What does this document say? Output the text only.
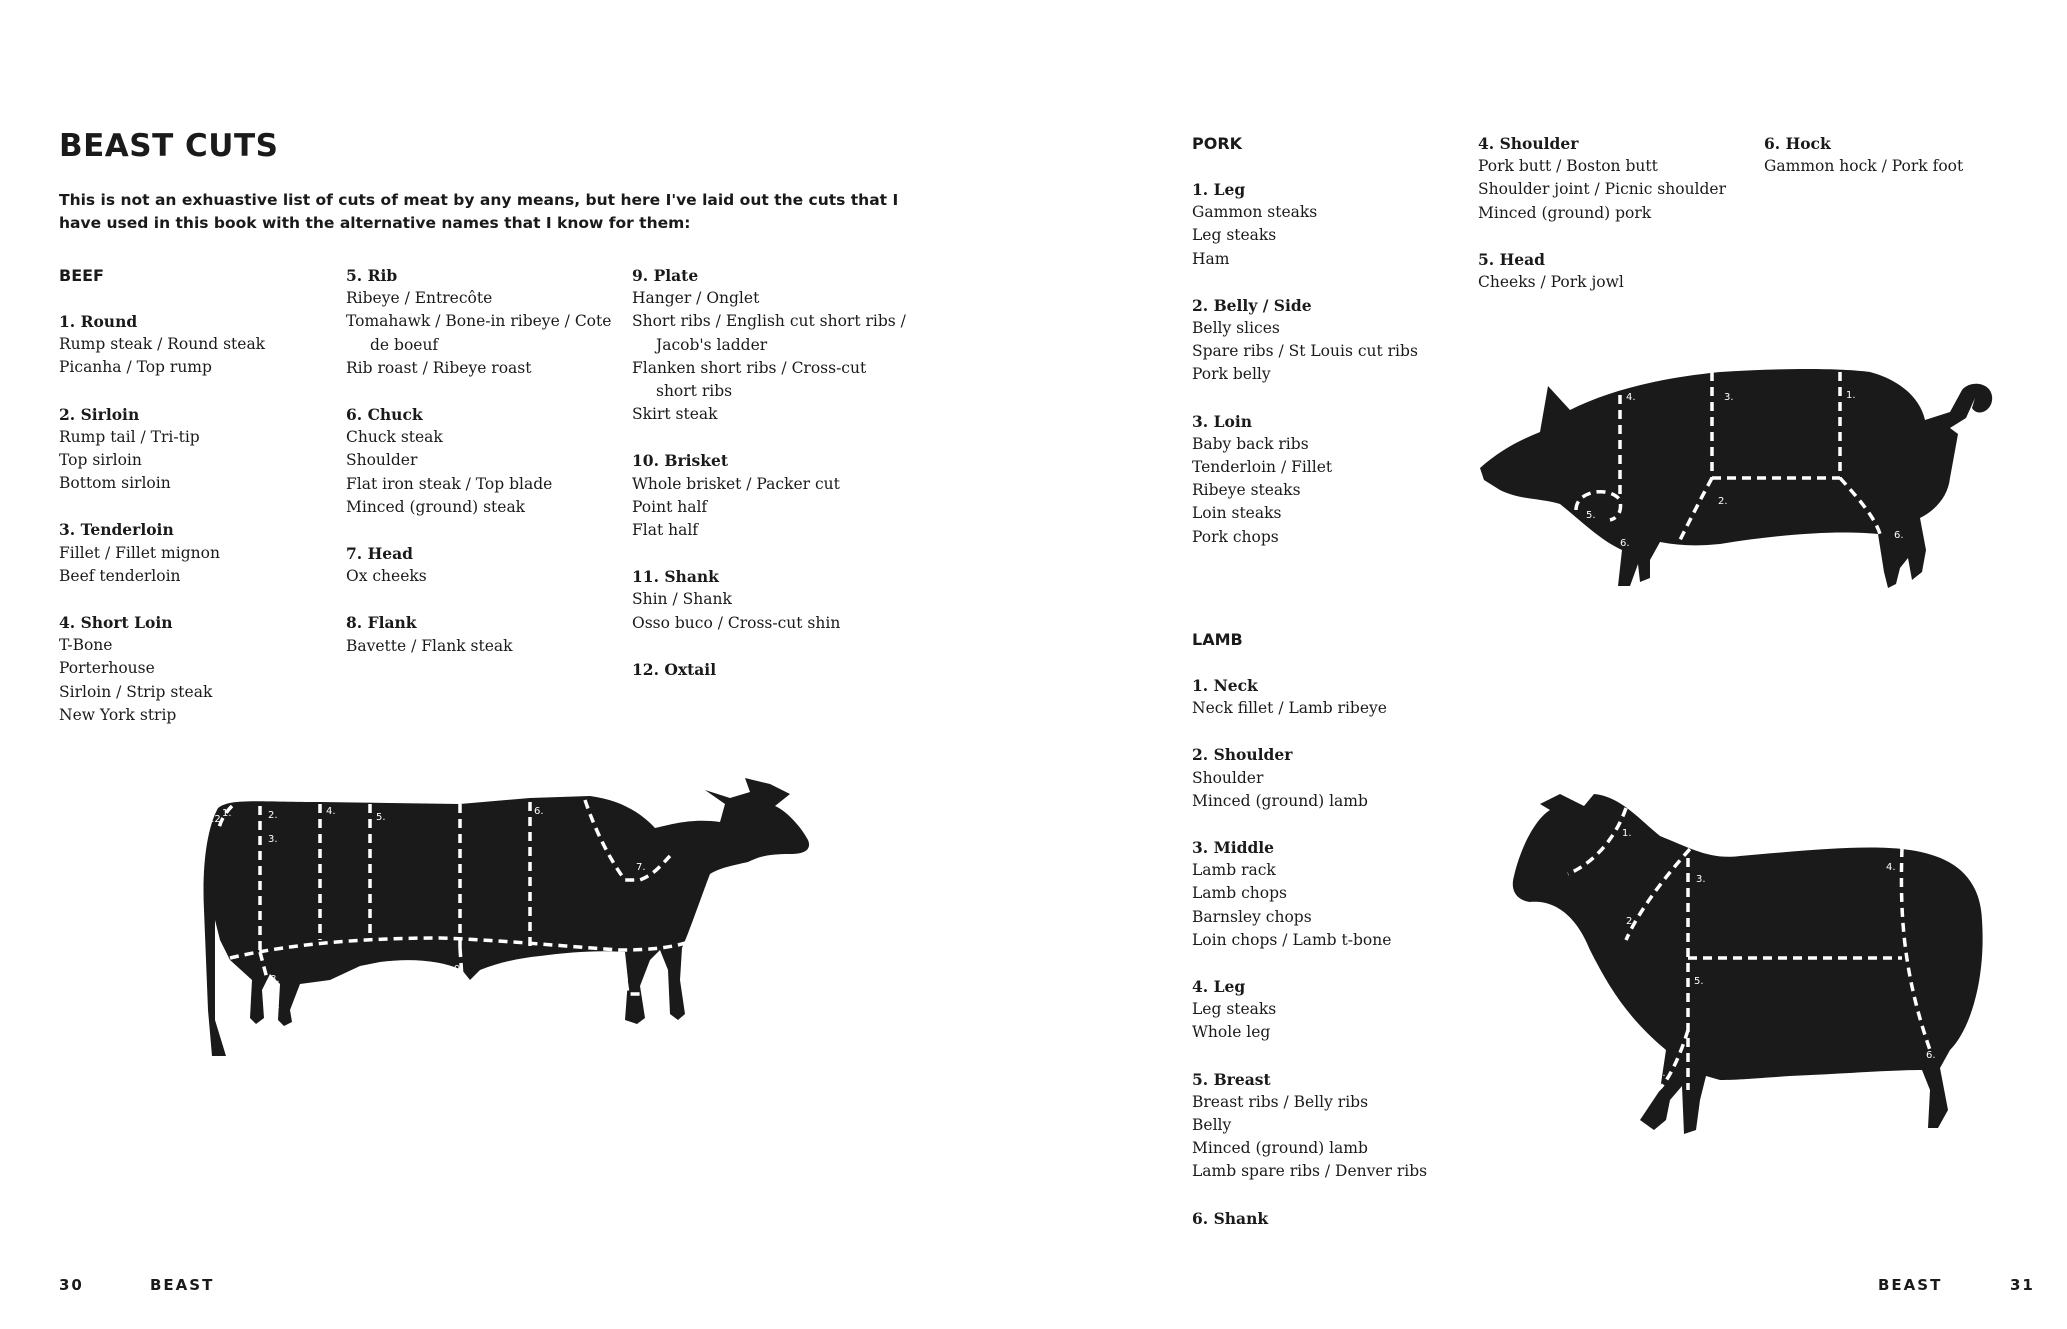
BEAST CUTS

This is not an exhuastive list of cuts of meat by any means, but here I've laid out the cuts that I have used in this book with the alternative names that I know for them:

BEEF

1. Round

Rump steak / Round steak

Picanha / Top rump

2. Sirloin

Rump tail / Tri-tip

Top sirloin

Bottom sirloin

3. Tenderloin

Fillet / Fillet mignon

Beef tenderloin

4. Short Loin

T-Bone

Porterhouse

Sirloin / Strip steak

New York strip

5. Rib

Ribeye / Entrecôte

Tomahawk / Bone-in ribeye / Cote de boeuf

Rib roast / Ribeye roast

6. Chuck

Chuck steak

Shoulder

Flat iron steak / Top blade

Minced (ground) steak

7. Head

Ox cheeks

8. Flank

Bavette / Flank steak

9. Plate

Hanger / Onglet

Short ribs / English cut short ribs / Jacob's ladder

Flanken short ribs / Cross-cut short ribs

Skirt steak

10. Brisket

Whole brisket / Packer cut

Point half

Flat half

11. Shank

Shin / Shank

Osso buco / Cross-cut shin

12. Oxtail

PORK

1. Leg

Gammon steaks

Leg steaks

Ham

2. Belly / Side

Belly slices

Spare ribs / St Louis cut ribs

Pork belly

3. Loin

Baby back ribs

Tenderloin / Fillet

Ribeye steaks

Loin steaks

Pork chops

4. Shoulder

Pork butt / Boston butt

Shoulder joint / Picnic shoulder

Minced (ground) pork

5. Head

Cheeks / Pork jowl

6. Hock

Gammon hock / Pork foot

LAMB

1. Neck

Neck fillet / Lamb ribeye

2. Shoulder

Shoulder

Minced (ground) lamb

3. Middle

Lamb rack

Lamb chops

Barnsley chops

Loin chops / Lamb t-bone

4. Leg

Leg steaks

Whole leg

5. Breast

Breast ribs / Belly ribs

Belly

Minced (ground) lamb

Lamb spare ribs / Denver ribs

6. Shank

12.
1.	2.
3.
4.
5.
6.
7.
8.
9.	10.
11.
11.
4.	3.	1.
2.
5.
6.
6.
1.
2.
3.
4.
5.
6.
6.
30	BEAST	BEAST	31
